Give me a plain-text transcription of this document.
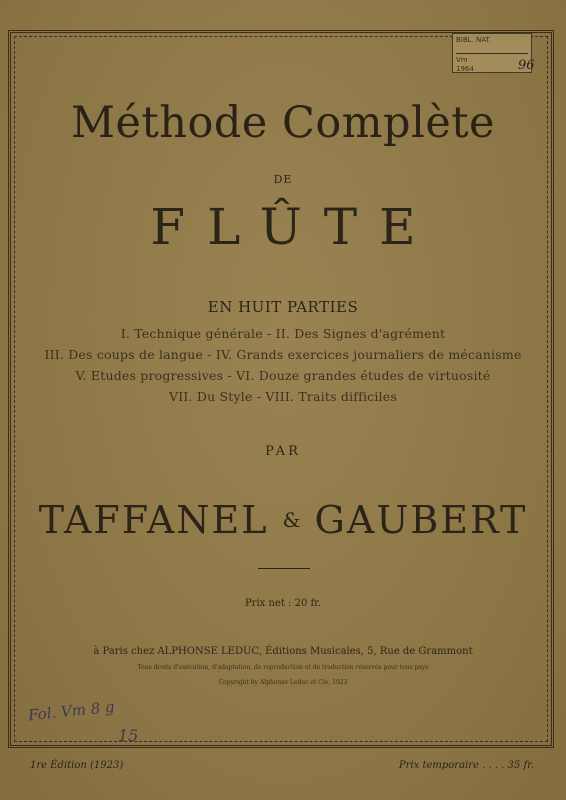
BIBL. NAT.
Vm
1964	96
Méthode Complète
DE
FLÛTE
EN HUIT PARTIES
I. Technique générale - II. Des Signes d'agrément
III. Des coups de langue - IV. Grands exercices journaliers de mécanisme
V. Etudes progressives - VI. Douze grandes études de virtuosité
VII. Du Style - VIII. Traits difficiles
PAR
TAFFANEL & GAUBERT
Prix net : 20 fr.
à Paris chez ALPHONSE LEDUC, Éditions Musicales, 5, Rue de Grammont
Tous droits d'exécution, d'adaptation, de reproduction et de traduction réservés pour tous pays
Copyright by Alphonse Leduc et Cie, 1923
Fol. Vm 8 g
15
1re Édition (1923)	Prix temporaire . . . . 35 fr.
